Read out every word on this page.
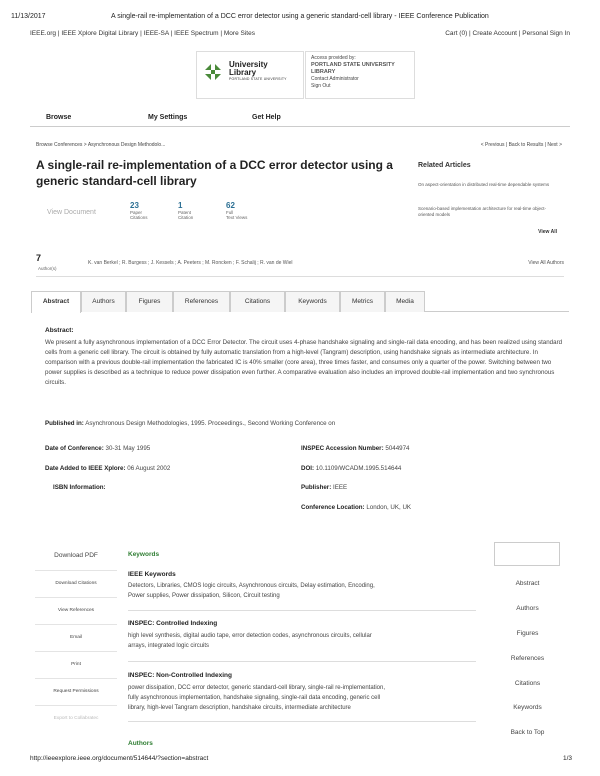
11/13/2017	A single-rail re-implementation of a DCC error detector using a generic standard-cell library - IEEE Conference Publication
IEEE.org | IEEE Xplore Digital Library | IEEE-SA | IEEE Spectrum | More Sites	Cart (0) | Create Account | Personal Sign In
University
Library
PORTLAND STATE UNIVERSITY
Access provided by:
PORTLAND STATE UNIVERSITY
LIBRARY
Contact Administrator
Sign Out
Browse	My Settings	Get Help
Browse Conferences > Asynchronous Design Methodolo...	< Previous | Back to Results | Next >
A single-rail re-implementation of a DCC error detector using a generic standard-cell library
Related Articles
On aspect-orientation in distributed real-time dependable systems
Scenario-based implementation architecture for real-time object-oriented models
View All
View Document
23
Paper
Citations
1
Patent
Citation
62
Full
Text Views
7
Author(s)
K. van Berkel ; R. Burgess ; J. Kessels ; A. Peeters ; M. Roncken ; F. Schalij ; R. van de Wiel	View All Authors
Abstract	Authors	Figures	References	Citations	Keywords	Metrics	Media
Abstract:
We present a fully asynchronous implementation of a DCC Error Detector. The circuit uses 4-phase handshake signaling and single-rail data encoding, and has been realized using standard cells from a generic cell library. The circuit is obtained by fully automatic translation from a high-level (Tangram) description, using handshake signals as intermediate architecture. In comparison with a previous double-rail implementation the fabricated IC is 40% smaller (core area), three times faster, and consumes only a quarter of the power. Switching between two power supplies is described as a technique to reduce power dissipation even further. A comparative evaluation also includes an improved double-rail implementation and two synchronous circuits.
Published in: Asynchronous Design Methodologies, 1995. Proceedings., Second Working Conference on
Date of Conference: 30-31 May 1995
Date Added to IEEE Xplore: 06 August 2002
ISBN Information:
INSPEC Accession Number: 5044974
DOI: 10.1109/WCADM.1995.514644
Publisher: IEEE
Conference Location: London, UK, UK
Download PDF
Download Citations
View References
Email
Print
Request Permissions
Export to Collabratec
Keywords
IEEE Keywords
Detectors, Libraries, CMOS logic circuits, Asynchronous circuits, Delay estimation, Encoding,
Power supplies, Power dissipation, Silicon, Circuit testing
INSPEC: Controlled Indexing
high level synthesis, digital audio tape, error detection codes, asynchronous circuits, cellular
arrays, integrated logic circuits
INSPEC: Non-Controlled Indexing
power dissipation, DCC error detector, generic standard-cell library, single-rail re-implementation,
fully asynchronous implementation, handshake signaling, single-rail data encoding, generic cell
library, high-level Tangram description, handshake circuits, intermediate architecture
Authors
Abstract
Authors
Figures
References
Citations
Keywords
Back to Top
http://ieeexplore.ieee.org/document/514644/?section=abstract	1/3
